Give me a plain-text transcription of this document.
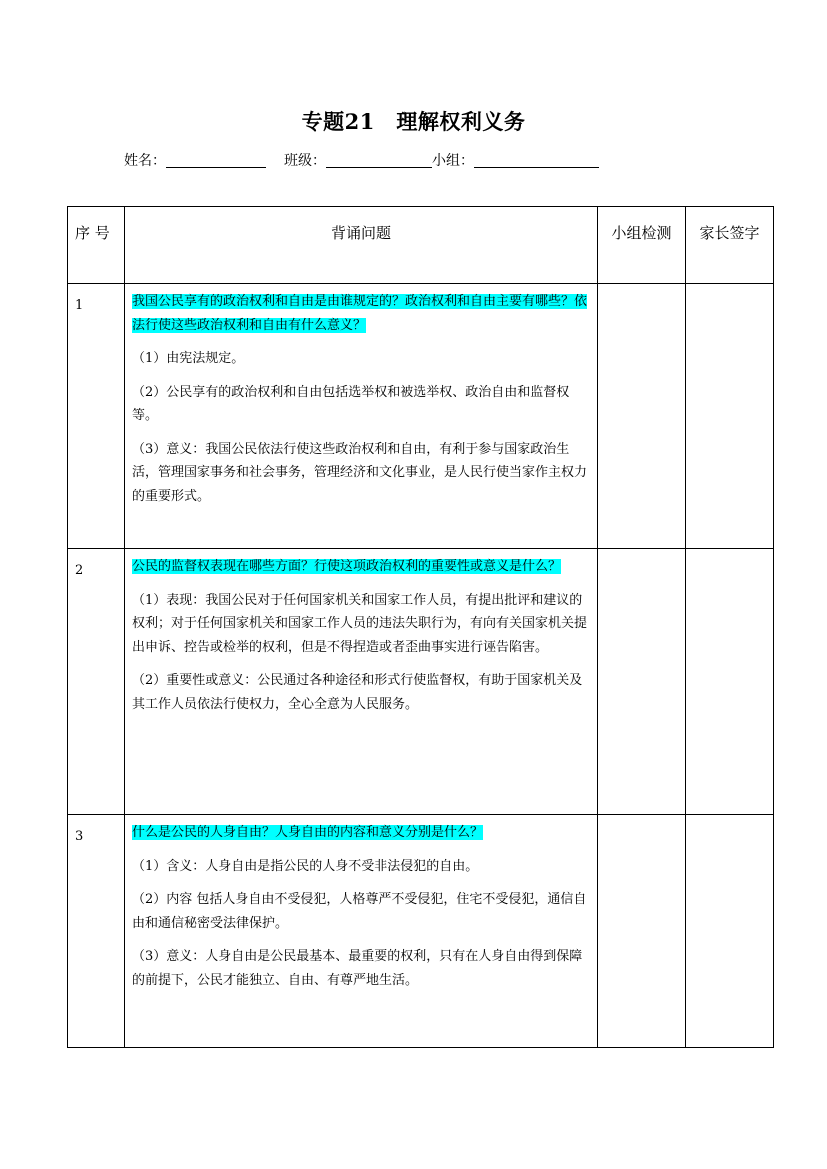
专题21　理解权利义务
姓名：	班级：	小组：
序 号	背诵问题	小组检测	家长签字
1	我国公民享有的政治权利和自由是由谁规定的？政治权利和自由主要有哪些？依法行使这些政治权利和自由有什么意义？

（1）由宪法规定。

（2）公民享有的政治权利和自由包括选举权和被选举权、政治自由和监督权等。

（3）意义：我国公民依法行使这些政治权利和自由，有利于参与国家政治生活，管理国家事务和社会事务，管理经济和文化事业，是人民行使当家作主权力的重要形式。		

2	公民的监督权表现在哪些方面？行使这项政治权利的重要性或意义是什么？

（1）表现：我国公民对于任何国家机关和国家工作人员，有提出批评和建议的权利；对于任何国家机关和国家工作人员的违法失职行为，有向有关国家机关提出申诉、控告或检举的权利，但是不得捏造或者歪曲事实进行诬告陷害。

（2）重要性或意义：公民通过各种途径和形式行使监督权，有助于国家机关及其工作人员依法行使权力，全心全意为人民服务。		

3	什么是公民的人身自由？人身自由的内容和意义分别是什么？

（1）含义：人身自由是指公民的人身不受非法侵犯的自由。

（2）内容 包括人身自由不受侵犯，人格尊严不受侵犯，住宅不受侵犯，通信自由和通信秘密受法律保护。

（3）意义：人身自由是公民最基本、最重要的权利，只有在人身自由得到保障的前提下，公民才能独立、自由、有尊严地生活。		
